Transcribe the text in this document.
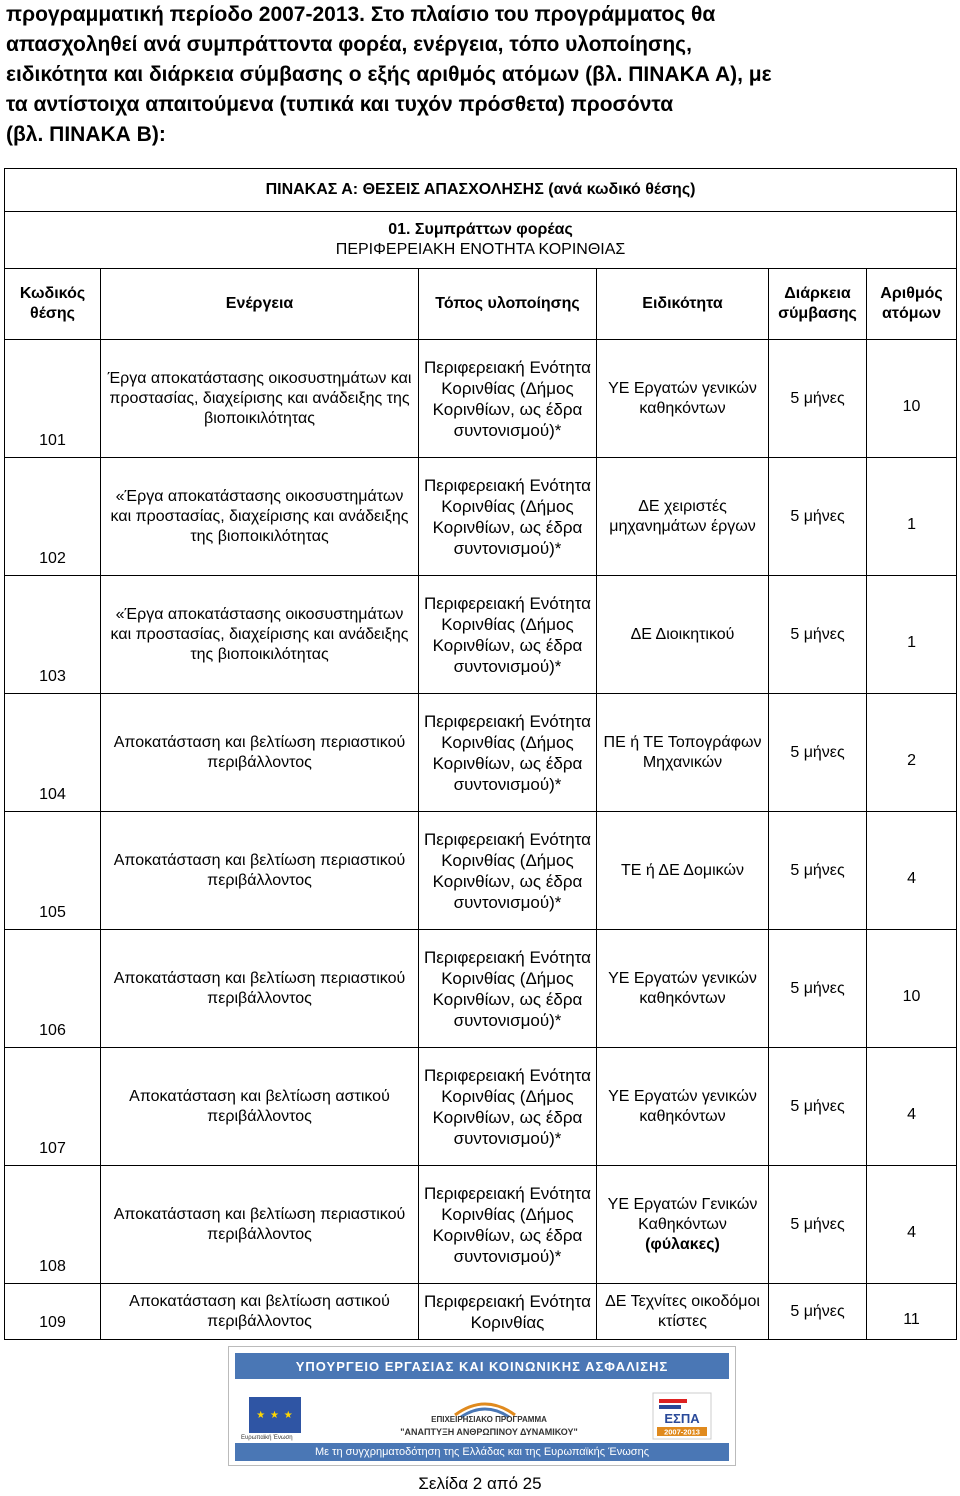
προγραμματική περίοδο 2007-2013. Στο πλαίσιο του προγράμματος θα

απασχοληθεί ανά συμπράττοντα φορέα, ενέργεια, τόπο υλοποίησης,

ειδικότητα και διάρκεια σύμβασης ο εξής αριθμός ατόμων (βλ. ΠΙΝΑΚΑ Α), με

τα αντίστοιχα απαιτούμενα (τυπικά και τυχόν πρόσθετα) προσόντα

(βλ. ΠΙΝΑΚΑ Β):

ΠΙΝΑΚΑΣ Α: ΘΕΣΕΙΣ ΑΠΑΣΧΟΛΗΣΗΣ (ανά κωδικό θέσης)					

01. Συμπράττων φορέας
ΠΕΡΙΦΕΡΕΙΑΚΗ ΕΝΟΤΗΤΑ ΚΟΡΙΝΘΙΑΣ					

Κωδικός θέσης	Ενέργεια	Τόπος υλοποίησης	Ειδικότητα	Διάρκεια σύμβασης	Αριθμός ατόμων
101	Έργα αποκατάστασης οικοσυστημάτων και προστασίας, διαχείρισης και ανάδειξης της βιοποικιλότητας	Περιφερειακή Ενότητα Κορινθίας (Δήμος Κορινθίων, ως έδρα συντονισμού)*	ΥΕ Εργατών γενικών καθηκόντων	5 μήνες	10
102	«Έργα αποκατάστασης οικοσυστημάτων και προστασίας, διαχείρισης και ανάδειξης της βιοποικιλότητας	Περιφερειακή Ενότητα Κορινθίας (Δήμος Κορινθίων, ως έδρα συντονισμού)*	ΔΕ χειριστές μηχανημάτων έργων	5 μήνες	1
103	«Έργα αποκατάστασης οικοσυστημάτων και προστασίας, διαχείρισης και ανάδειξης της βιοποικιλότητας	Περιφερειακή Ενότητα Κορινθίας (Δήμος Κορινθίων, ως έδρα συντονισμού)*	ΔΕ Διοικητικού	5 μήνες	1
104	Αποκατάσταση και βελτίωση περιαστικού περιβάλλοντος	Περιφερειακή Ενότητα Κορινθίας (Δήμος Κορινθίων, ως έδρα συντονισμού)*	ΠΕ ή ΤΕ Τοπογράφων Μηχανικών	5 μήνες	2
105	Αποκατάσταση και βελτίωση περιαστικού περιβάλλοντος	Περιφερειακή Ενότητα Κορινθίας (Δήμος Κορινθίων, ως έδρα συντονισμού)*	ΤΕ ή ΔΕ Δομικών	5 μήνες	4
106	Αποκατάσταση και βελτίωση περιαστικού περιβάλλοντος	Περιφερειακή Ενότητα Κορινθίας (Δήμος Κορινθίων, ως έδρα συντονισμού)*	ΥΕ Εργατών γενικών καθηκόντων	5 μήνες	10
107	Αποκατάσταση και βελτίωση αστικού περιβάλλοντος	Περιφερειακή Ενότητα Κορινθίας (Δήμος Κορινθίων, ως έδρα συντονισμού)*	ΥΕ Εργατών γενικών καθηκόντων	5 μήνες	4
108	Αποκατάσταση και βελτίωση περιαστικού περιβάλλοντος	Περιφερειακή Ενότητα Κορινθίας (Δήμος Κορινθίων, ως έδρα συντονισμού)*	ΥΕ Εργατών Γενικών Καθηκόντων
(φύλακες)	5 μήνες	4
109	Αποκατάσταση και βελτίωση αστικού περιβάλλοντος	Περιφερειακή Ενότητα Κορινθίας	ΔΕ Τεχνίτες οικοδόμοι κτίστες	5 μήνες	11
ΥΠΟΥΡΓΕΙΟ ΕΡΓΑΣΙΑΣ ΚΑΙ ΚΟΙΝΩΝΙΚΗΣ ΑΣΦΑΛΙΣΗΣ
★ ★ ★
Ευρωπαϊκή Ένωση
ΕΠΙΧΕΙΡΗΣΙΑΚΟ ΠΡΟΓΡΑΜΜΑ
"ΑΝΑΠΤΥΞΗ ΑΝΘΡΩΠΙΝΟΥ ΔΥΝΑΜΙΚΟΥ"
ΕΣΠΑ
2007-2013
Με τη συγχρηματοδότηση της Ελλάδας και της Ευρωπαϊκής Ένωσης
Σελίδα 2 από 25
